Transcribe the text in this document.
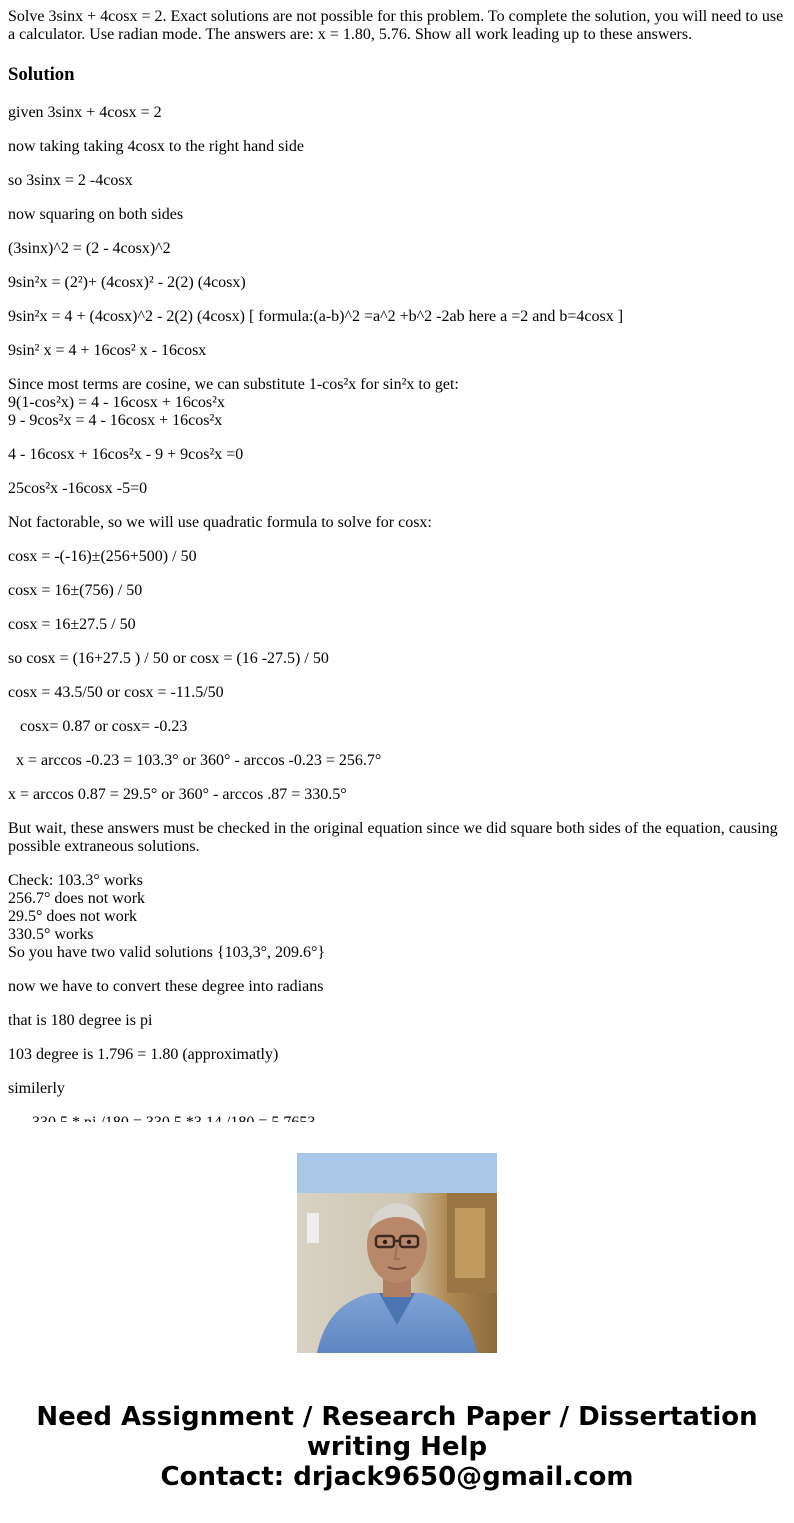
Solve 3sinx + 4cosx = 2. Exact solutions are not possible for this problem. To complete the solution, you will need to use a calculator. Use radian mode. The answers are: x = 1.80, 5.76. Show all work leading up to these answers.

Solution

given 3sinx + 4cosx = 2

now taking taking 4cosx to the right hand side

so 3sinx = 2 -4cosx

now squaring on both sides

(3sinx)^2 = (2 - 4cosx)^2

9sin²x = (2²)+ (4cosx)² - 2(2) (4cosx)

9sin²x = 4 + (4cosx)^2 - 2(2) (4cosx) [ formula:(a-b)^2 =a^2 +b^2 -2ab here a =2 and b=4cosx ]

9sin² x = 4 + 16cos² x - 16cosx

Since most terms are cosine, we can substitute 1-cos²x for sin²x to get:

9(1-cos²x) = 4 - 16cosx + 16cos²x

9 - 9cos²x = 4 - 16cosx + 16cos²x

4 - 16cosx + 16cos²x - 9 + 9cos²x =0

25cos²x -16cosx -5=0

Not factorable, so we will use quadratic formula to solve for cosx:

cosx = -(-16)±(256+500) / 50

cosx = 16±(756) / 50

cosx = 16±27.5 / 50

so cosx = (16+27.5 ) / 50 or cosx = (16 -27.5) / 50

cosx = 43.5/50 or cosx = -11.5/50

cosx= 0.87 or cosx= -0.23

x = arccos -0.23 = 103.3° or 360° - arccos -0.23 = 256.7°

x = arccos 0.87 = 29.5° or 360° - arccos .87 = 330.5°

But wait, these answers must be checked in the original equation since we did square both sides of the equation, causing possible extraneous solutions.

Check: 103.3° works

256.7° does not work

29.5° does not work

330.5° works

So you have two valid solutions {103,3°, 209.6°}

now we have to convert these degree into radians

that is 180 degree is pi

103 degree is 1.796 = 1.80 (approximatly)

similerly

Need Assignment / Research Paper / Dissertation
writing Help
Contact: drjack9650@gmail.com
